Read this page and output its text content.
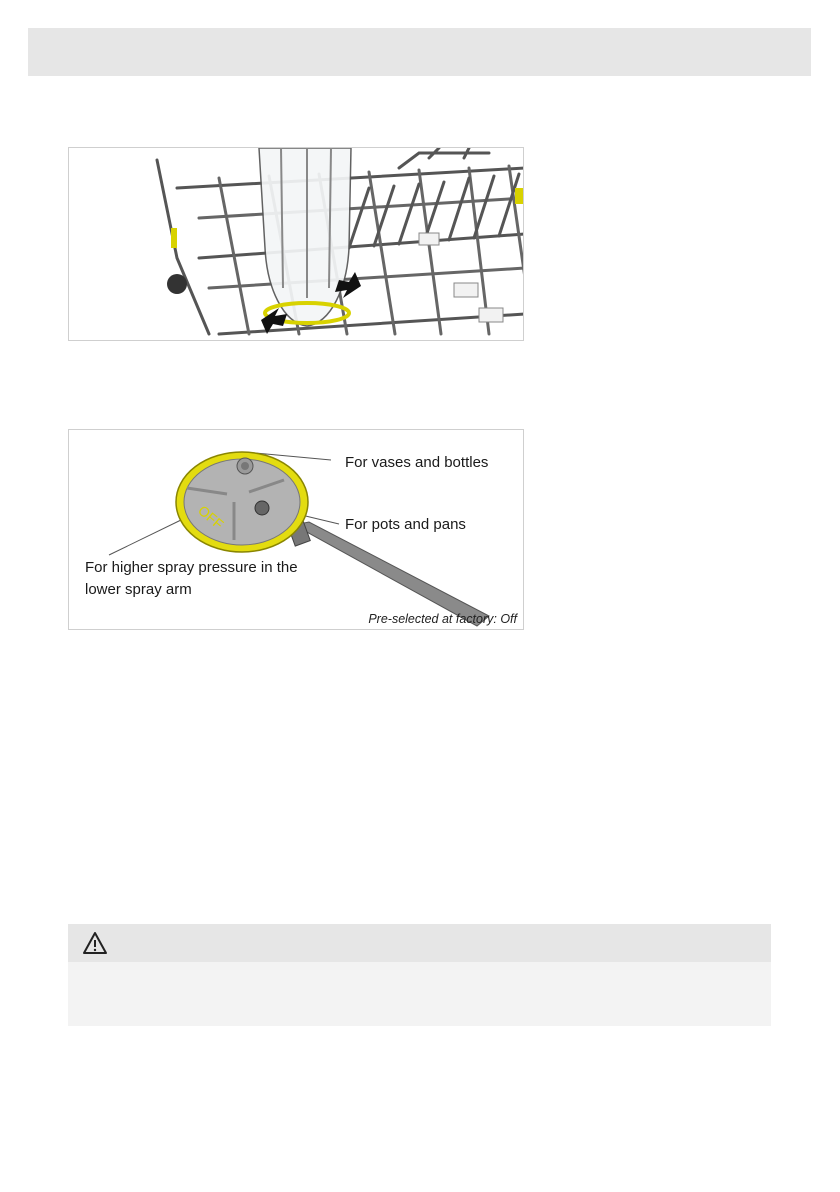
OFF
For vases and bottles
For pots and pans
For higher spray pressure in the
lower spray arm
Pre-selected at factory: Off
